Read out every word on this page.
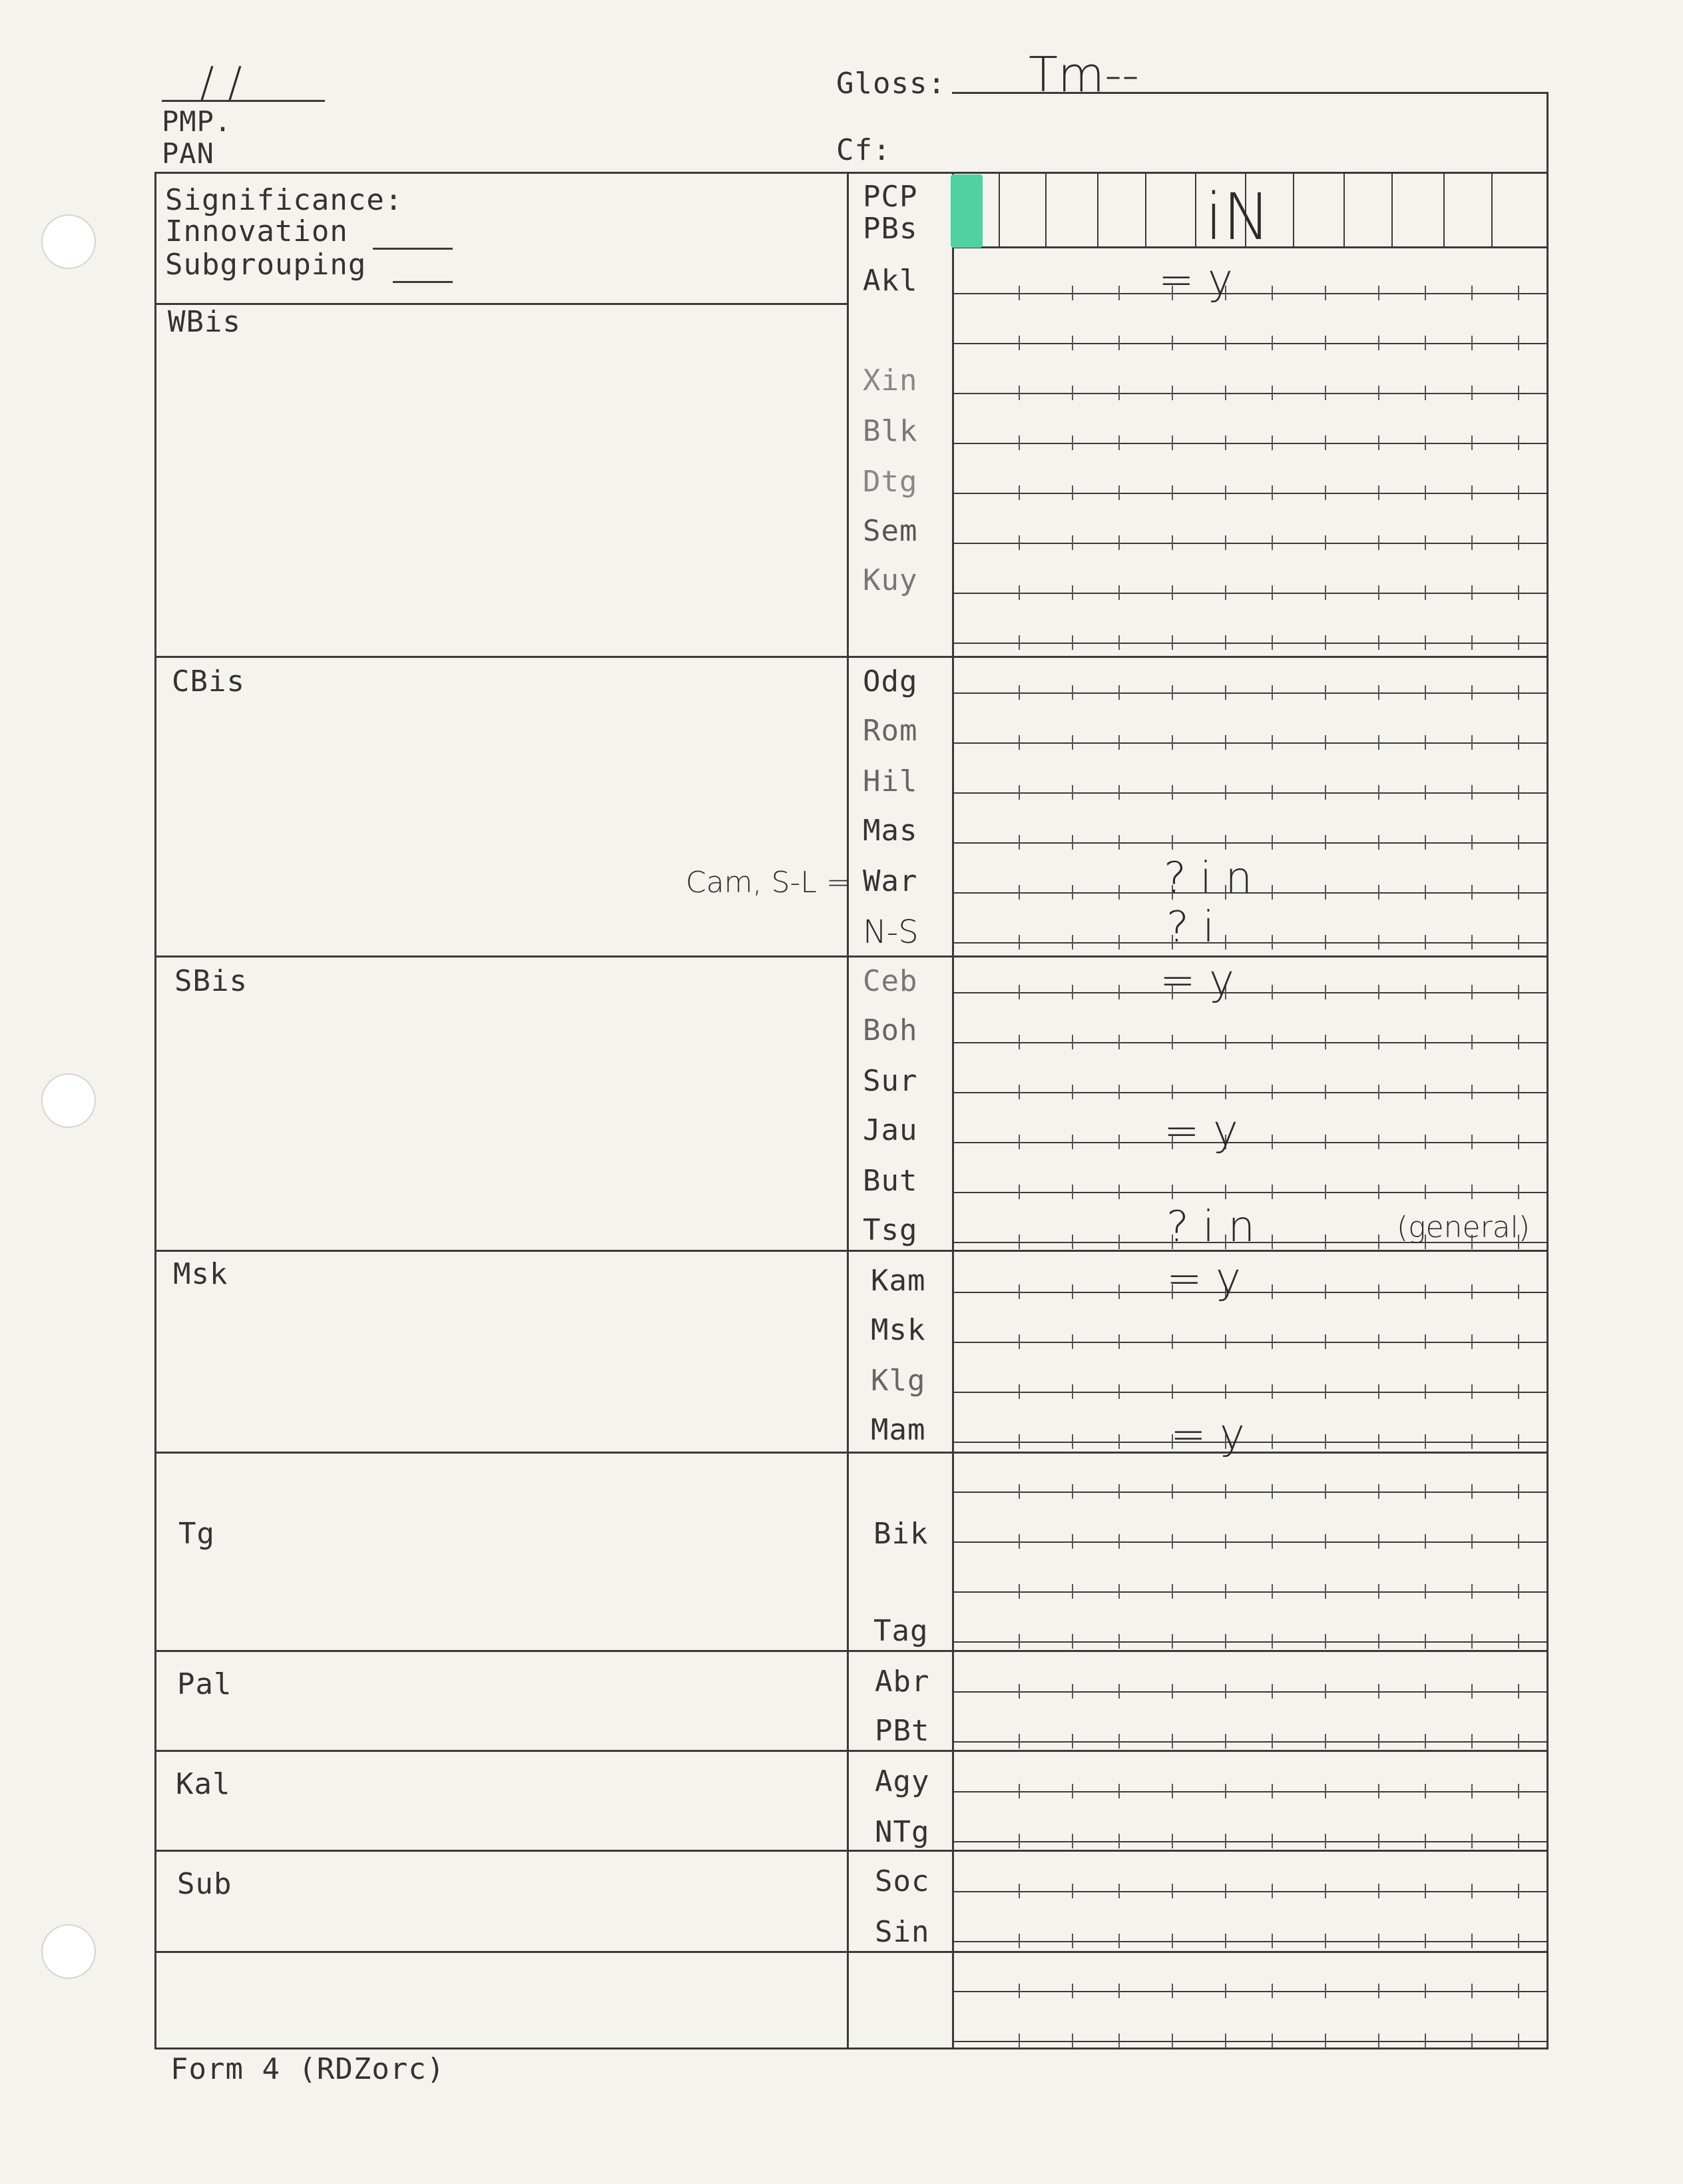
/ /
PMP.
PAN
Gloss: Tm--
Cf:
Significance:
Innovation
Subgrouping
WBis
CBis
SBis
Msk
Tg
Pal
Kal
Sub
PCP
PBs
Akl
Xin
Blk
Dtg
Sem
Kuy
Odg
Rom
Hil
Mas
War
N-S
Ceb
Boh
Sur
Jau
But
Tsg
Kam
Msk
Klg
Mam
Bik
Tag
Abr
PBt
Agy
NTg
Soc
Sin
iN
= y
Cam, S-L =	? i n
? i
= y
= y
? i n	(general)
= y
= y
Form 4 (RDZorc)
